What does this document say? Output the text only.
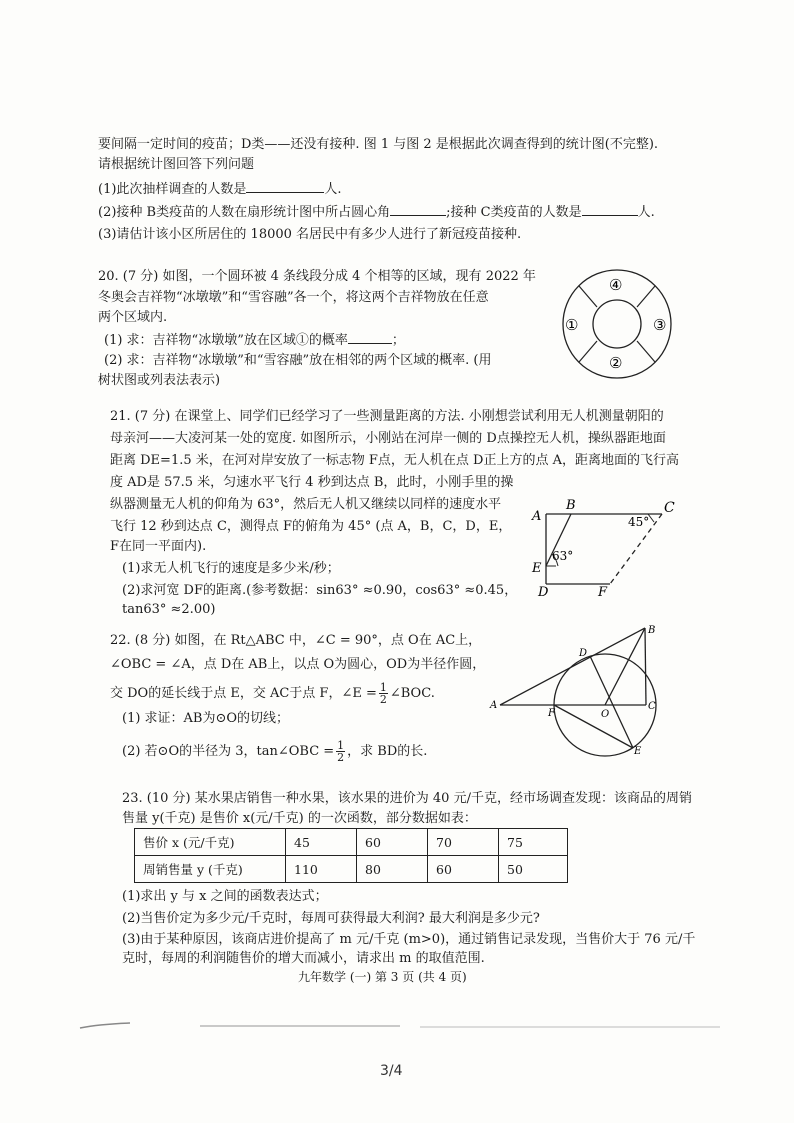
要间隔一定时间的疫苗；D类——还没有接种. 图 1 与图 2 是根据此次调查得到的统计图(不完整).
请根据统计图回答下列问题
(1)此次抽样调查的人数是	人.
(2)接种 B类疫苗的人数在扇形统计图中所占圆心角	;接种 C类疫苗的人数是	人.
(3)请估计该小区所居住的 18000 名居民中有多少人进行了新冠疫苗接种.
20. (7 分) 如图，一个圆环被 4 条线段分成 4 个相等的区域，现有 2022 年
冬奥会吉祥物“冰墩墩”和“雪容融”各一个，将这两个吉祥物放在任意
两个区域内.
(1) 求：吉祥物“冰墩墩”放在区域①的概率	；
(2) 求：吉祥物“冰墩墩”和“雪容融”放在相邻的两个区域的概率. (用
树状图或列表法表示)
④
①	③
②
21. (7 分) 在课堂上、同学们已经学习了一些测量距离的方法. 小刚想尝试利用无人机测量朝阳的
母亲河——大凌河某一处的宽度. 如图所示，小刚站在河岸一侧的 D点操控无人机，操纵器距地面
距离 DE=1.5 米，在河对岸安放了一标志物 F点，无人机在点 D正上方的点 A，距离地面的飞行高
度 AD是 57.5 米，匀速水平飞行 4 秒到达点 B，此时，小刚手里的操
纵器测量无人机的仰角为 63°，然后无人机又继续以同样的速度水平
飞行 12 秒到达点 C，测得点 F的俯角为 45° (点 A，B，C，D，E，
F在同一平面内).
(1)求无人机飞行的速度是多少米/秒；
(2)求河宽 DF的距离.(参考数据：sin63° ≈0.90，cos63° ≈0.45，
tan63° ≈2.00)
A
B	C
E
D	F
63°
45°
22. (8 分) 如图，在 Rt△ABC 中，∠C = 90°，点 O在 AC上，
∠OBC = ∠A，点 D在 AB上，以点 O为圆心，OD为半径作圆，
交 DO的延长线于点 E，交 AC于点 F，∠E = $\frac{1}{2}$ ∠BOC.
(1) 求证：AB为⊙O的切线；
(2) 若⊙O的半径为 3，tan∠OBC = $\frac{1}{2}$ ，求 BD的长.
A
B
C
D
E
F	O
23. (10 分) 某水果店销售一种水果，该水果的进价为 40 元/千克，经市场调查发现：该商品的周销
售量 y(千克) 是售价 x(元/千克) 的一次函数，部分数据如表：
售价 x (元/千克)	45	60	70	75
周销售量 y (千克)	110	80	60	50
(1)求出 y 与 x 之间的函数表达式；
(2)当售价定为多少元/千克时，每周可获得最大利润? 最大利润是多少元?
(3)由于某种原因，该商店进价提高了 m 元/千克 (m>0)，通过销售记录发现，当售价大于 76 元/千
克时，每周的利润随售价的增大而减小，请求出 m 的取值范围.
九年数学 (一) 第 3 页 (共 4 页)
3/4
